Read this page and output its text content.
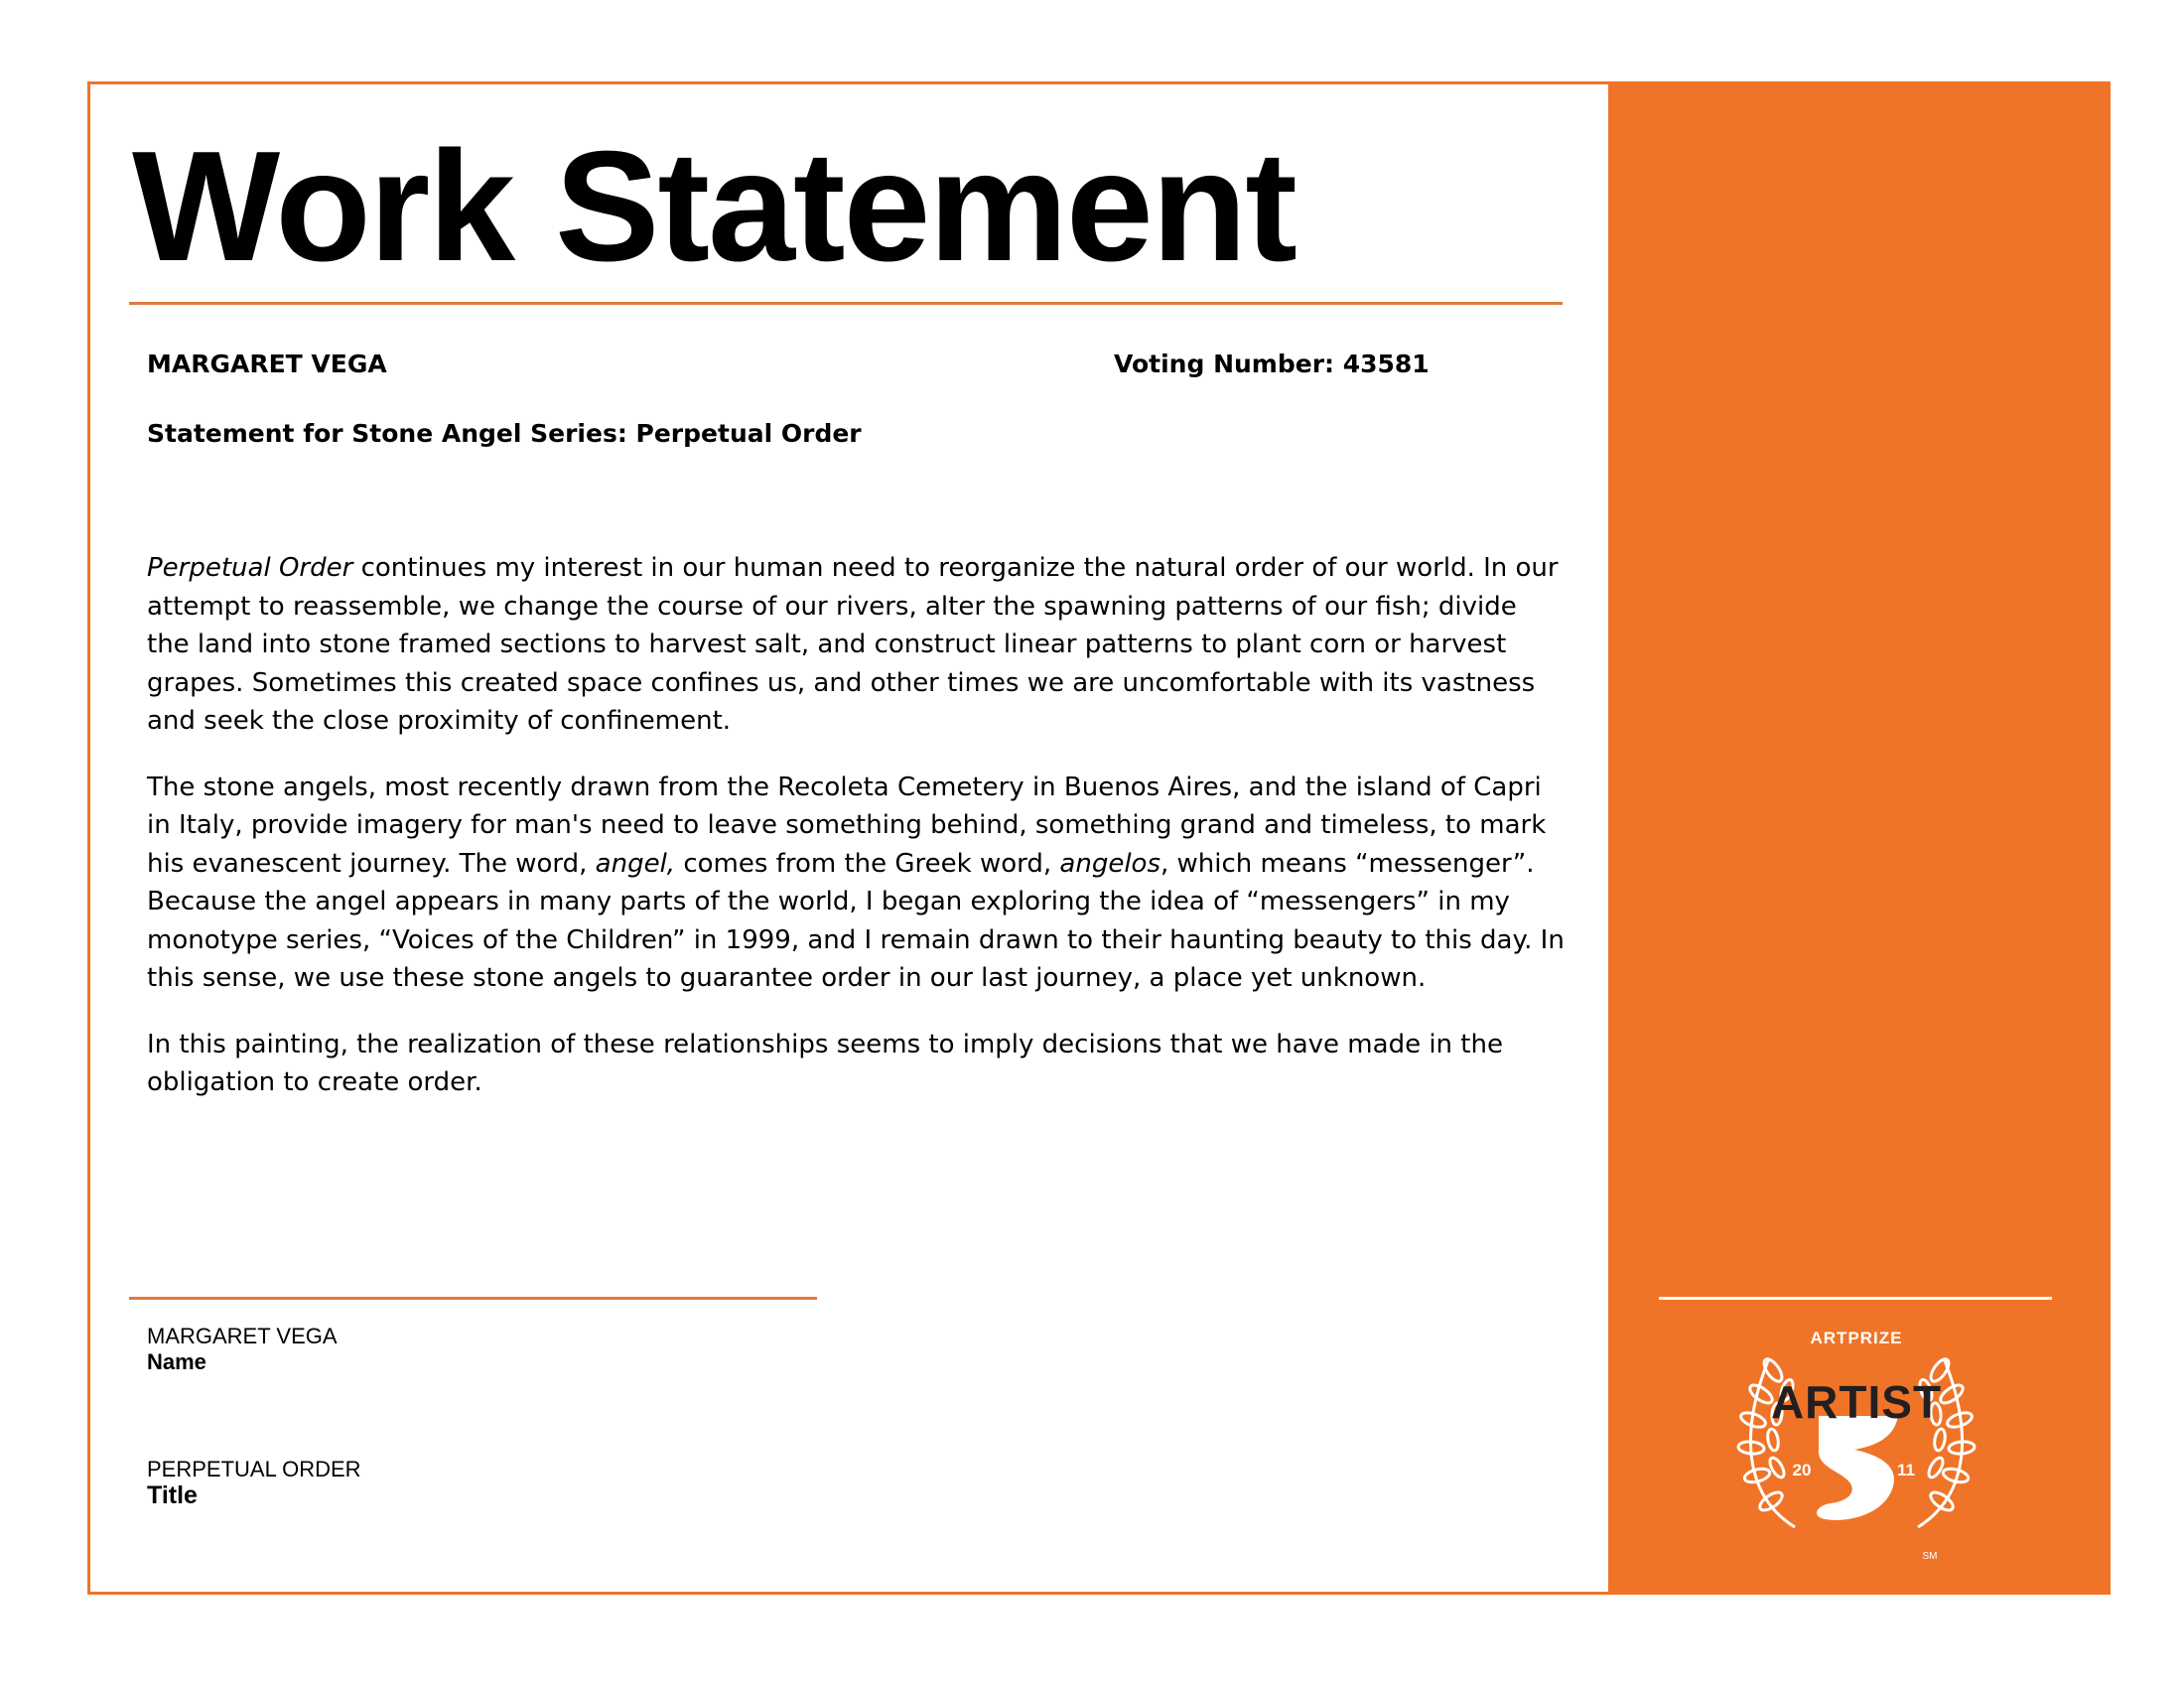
Work Statement
MARGARET VEGA	Voting Number: 43581
Statement for Stone Angel Series: Perpetual Order

Perpetual Order continues my interest in our human need to reorganize the natural order of our world. In our attempt to reassemble, we change the course of our rivers, alter the spawning patterns of our fish; divide the land into stone framed sections to harvest salt, and construct linear patterns to plant corn or harvest grapes. Sometimes this created space confines us, and other times we are uncomfortable with its vastness and seek the close proximity of confinement.

The stone angels, most recently drawn from the Recoleta Cemetery in Buenos Aires, and the island of Capri in Italy, provide imagery for man's need to leave something behind, something grand and timeless, to mark his evanescent journey. The word, angel, comes from the Greek word, angelos, which means “messenger”. Because the angel appears in many parts of the world, I began exploring the idea of “messengers” in my monotype series, “Voices of the Children” in 1999, and I remain drawn to their haunting beauty to this day. In this sense, we use these stone angels to guarantee order in our last journey, a place yet unknown.

In this painting, the realization of these relationships seems to imply decisions that we have made in the obligation to create order.

MARGARET VEGA
Name
PERPETUAL ORDER
Title
ARTPRIZE
ARTIST
20	11
SM
